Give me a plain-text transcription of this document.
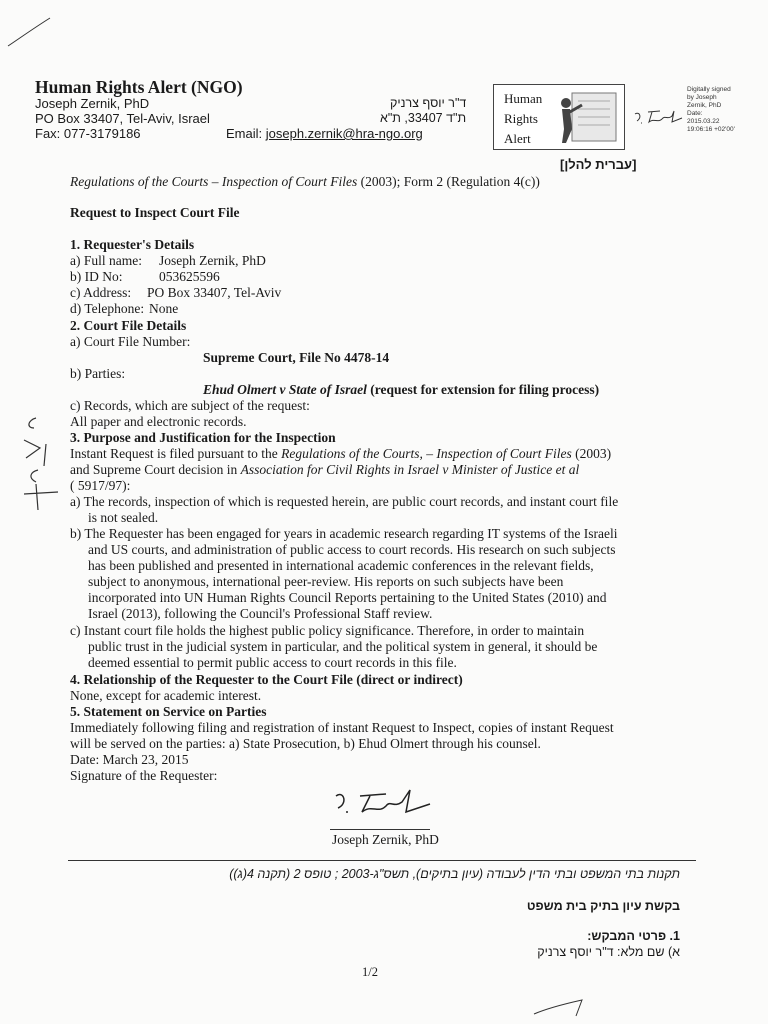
Human Rights Alert (NGO)
Joseph Zernik, PhD
PO Box 33407, Tel-Aviv, Israel
Fax: 077-3179186	Email: joseph.zernik@hra-ngo.org
ד"ר יוסף צרניק
ת"ד 33407, ת"א
Human
Rights
Alert
Digitally signed
by Joseph
Zernik, PhD
Date:
2015.03.22
19:06:16 +02'00'
[עברית להלן]
Regulations of the Courts – Inspection of Court Files (2003); Form 2 (Regulation 4(c))
Request to Inspect Court File
1. Requester's Details
a) Full name: Joseph Zernik, PhD
b) ID No:	053625596
c) Address: PO Box 33407, Tel-Aviv
d) Telephone: None
2. Court File Details
a) Court File Number:
Supreme Court, File No 4478-14
b) Parties:
Ehud Olmert v State of Israel (request for extension for filing process)
c) Records, which are subject of the request:
All paper and electronic records.
3. Purpose and Justification for the Inspection
Instant Request is filed pursuant to the Regulations of the Courts, – Inspection of Court Files (2003)
and Supreme Court decision in Association for Civil Rights in Israel v Minister of Justice et al
( 5917/97):
a) The records, inspection of which is requested herein, are public court records, and instant court file
is not sealed.
b) The Requester has been engaged for years in academic research regarding IT systems of the Israeli
and US courts, and administration of public access to court records. His research on such subjects
has been published and presented in international academic conferences in the relevant fields,
subject to anonymous, international peer-review. His reports on such subjects have been
incorporated into UN Human Rights Council Reports pertaining to the United States (2010) and
Israel (2013), following the Council's Professional Staff review.
c) Instant court file holds the highest public policy significance. Therefore, in order to maintain
public trust in the judicial system in particular, and the political system in general, it should be
deemed essential to permit public access to court records in this file.
4. Relationship of the Requester to the Court File (direct or indirect)
None, except for academic interest.
5. Statement on Service on Parties
Immediately following filing and registration of instant Request to Inspect, copies of instant Request
will be served on the parties: a) State Prosecution, b) Ehud Olmert through his counsel.
Date: March 23, 2015
Signature of the Requester:
Joseph Zernik, PhD
תקנות בתי המשפט ובתי הדין לעבודה (עיון בתיקים), תשס"ג-2003 ; טופס 2 (תקנה 4(ג))
בקשת עיון בתיק בית משפט
1. פרטי המבקש:
א) שם מלא: ד"ר יוסף צרניק
1/2
